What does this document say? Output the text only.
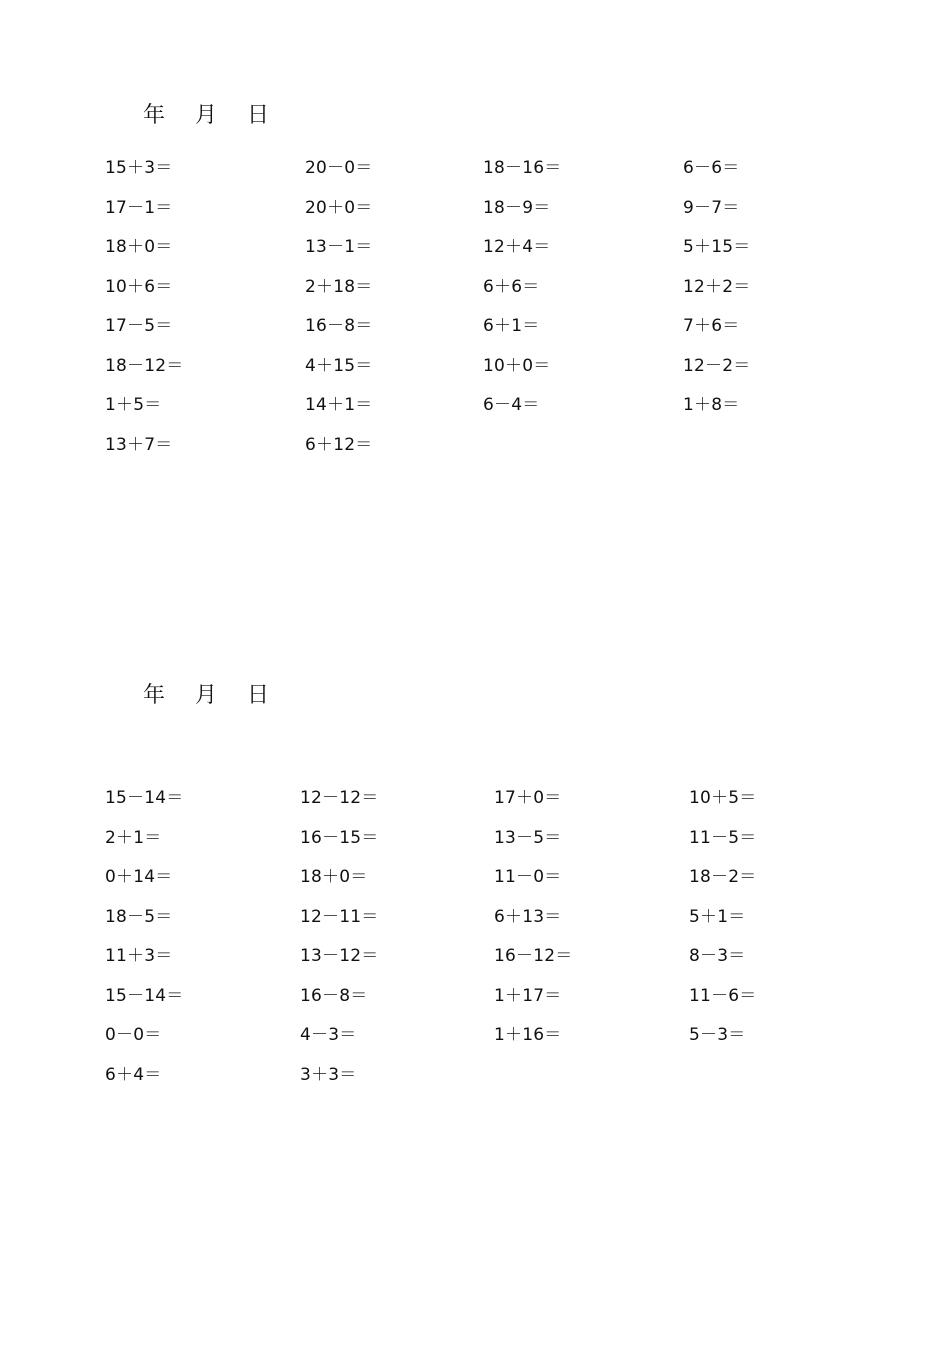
年 月 日
15＋3＝
17－1＝
18＋0＝
10＋6＝
17－5＝
18－12＝
1＋5＝
13＋7＝
20－0＝
20＋0＝
13－1＝
2＋18＝
16－8＝
4＋15＝
14＋1＝
6＋12＝
18－16＝
18－9＝
12＋4＝
6＋6＝
6＋1＝
10＋0＝
6－4＝
6－6＝
9－7＝
5＋15＝
12＋2＝
7＋6＝
12－2＝
1＋8＝
年 月 日
15－14＝
2＋1＝
0＋14＝
18－5＝
11＋3＝
15－14＝
0－0＝
6＋4＝
12－12＝
16－15＝
18＋0＝
12－11＝
13－12＝
16－8＝
4－3＝
3＋3＝
17＋0＝
13－5＝
11－0＝
6＋13＝
16－12＝
1＋17＝
1＋16＝
10＋5＝
11－5＝
18－2＝
5＋1＝
8－3＝
11－6＝
5－3＝
